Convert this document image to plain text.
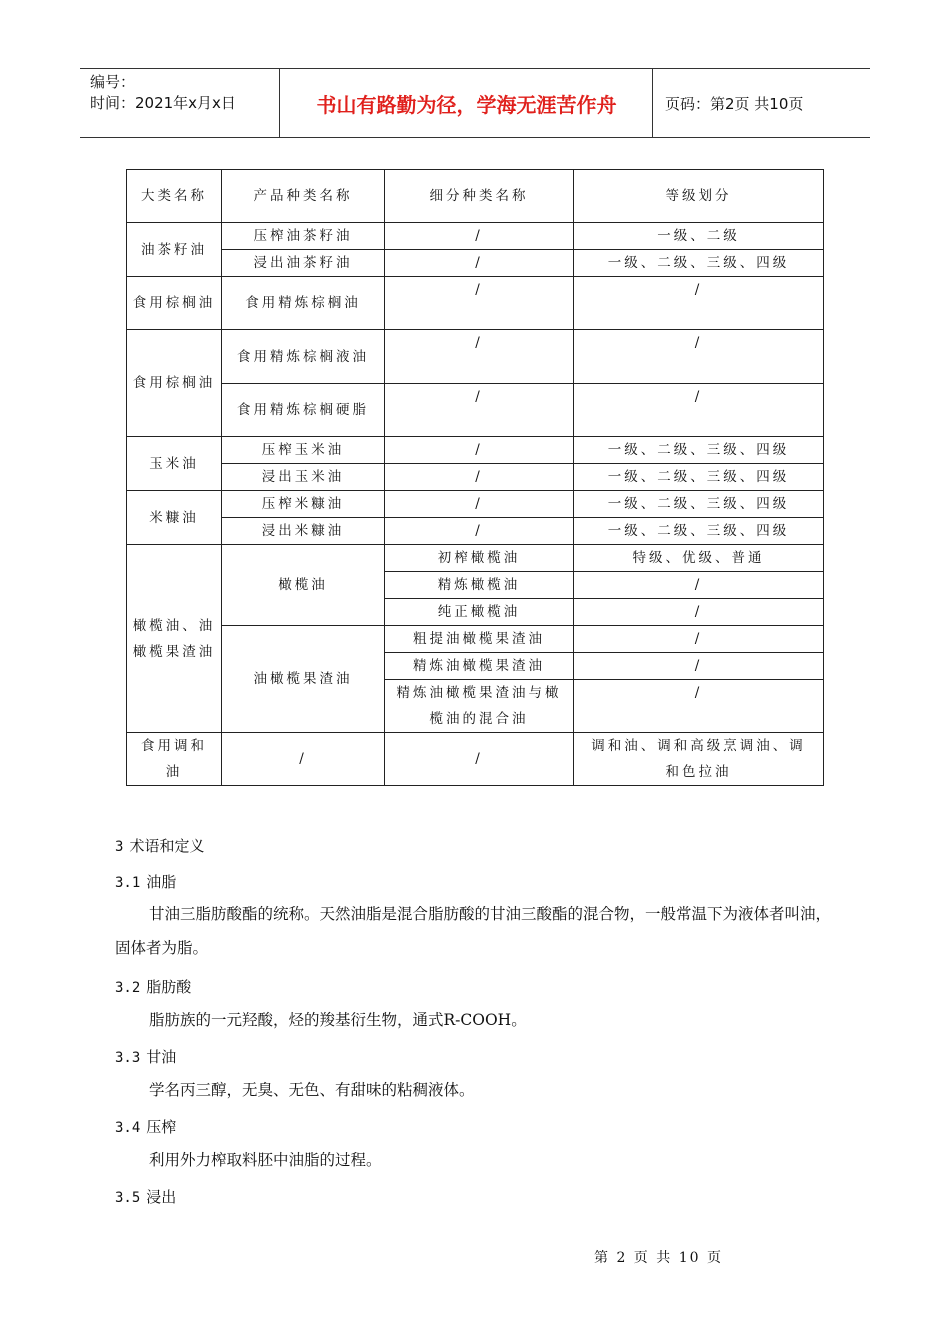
编号：
时间：2021年x月x日	书山有路勤为径，学海无涯苦作舟	页码：第2页 共10页
大类名称	产品种类名称	细分种类名称	等级划分
油茶籽油	压榨油茶籽油	/	一级、二级
	浸出油茶籽油	/	一级、二级、三级、四级
食用棕榈油	食用精炼棕榈油	/	/
食用棕榈油	食用精炼棕榈液油	/	/
	食用精炼棕榈硬脂	/	/
玉米油	压榨玉米油	/	一级、二级、三级、四级
	浸出玉米油	/	一级、二级、三级、四级
米糠油	压榨米糠油	/	一级、二级、三级、四级
	浸出米糠油	/	一级、二级、三级、四级
橄榄油、油橄榄果渣油	橄榄油	初榨橄榄油	特级、优级、普通
		精炼橄榄油	/
		纯正橄榄油	/
	油橄榄果渣油	粗提油橄榄果渣油	/
		精炼油橄榄果渣油	/
		精炼油橄榄果渣油与橄榄油的混合油	/
食用调和油	/	/	调和油、调和高级烹调油、调和色拉油
3 术语和定义
3.1 油脂
甘油三脂肪酸酯的统称。天然油脂是混合脂肪酸的甘油三酸酯的混合物，一般常温下为液体者叫油，固体者为脂。
3.2 脂肪酸
脂肪族的一元羟酸，烃的羧基衍生物，通式R-COOH。
3.3 甘油
学名丙三醇，无臭、无色、有甜味的粘稠液体。
3.4 压榨
利用外力榨取料胚中油脂的过程。
3.5 浸出
第 2 页 共 10 页
